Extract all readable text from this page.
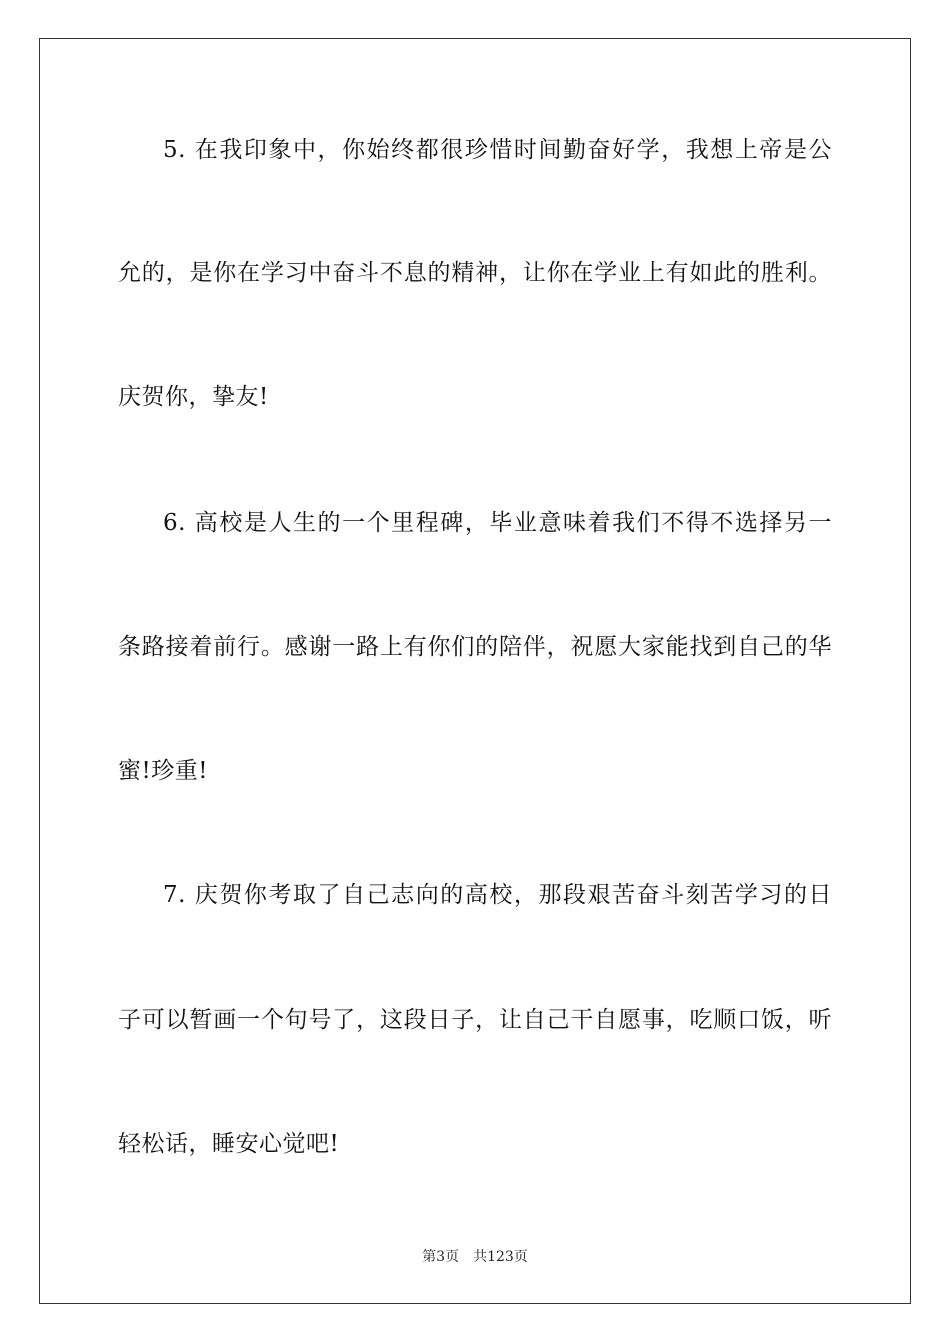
5. 在我印象中，你始终都很珍惜时间勤奋好学，我想上帝是公
允的，是你在学习中奋斗不息的精神，让你在学业上有如此的胜利。
庆贺你，挚友!
6. 高校是人生的一个里程碑，毕业意味着我们不得不选择另一
条路接着前行。感谢一路上有你们的陪伴，祝愿大家能找到自己的华
蜜!珍重!
7. 庆贺你考取了自己志向的高校，那段艰苦奋斗刻苦学习的日
子可以暂画一个句号了，这段日子，让自己干自愿事，吃顺口饭，听
轻松话，睡安心觉吧!
第3页 共123页
